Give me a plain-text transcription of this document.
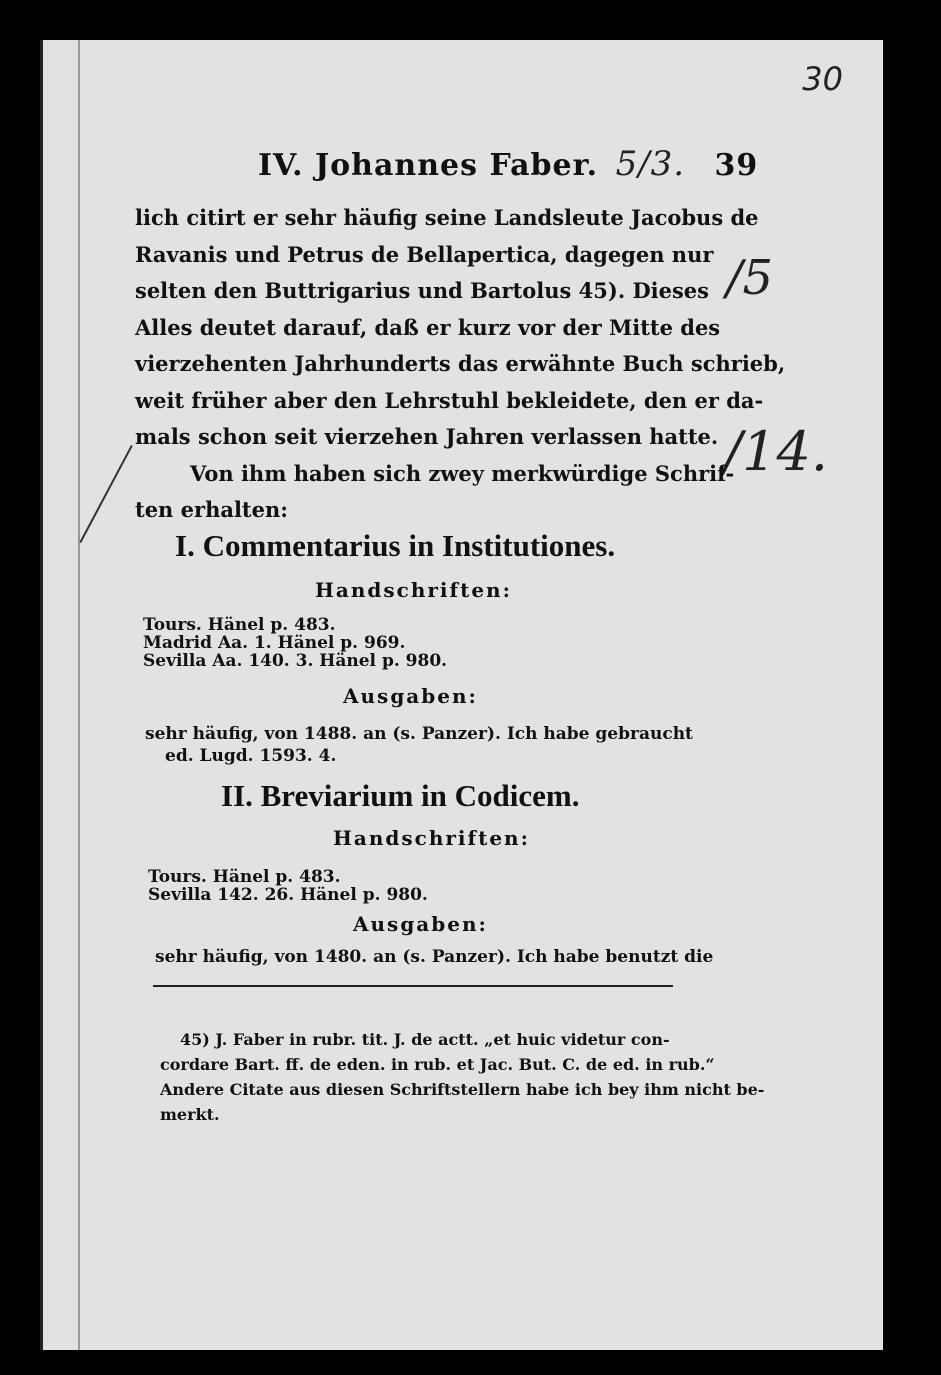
30
IV. Johannes Faber. 5/3. 39
/5
/14.
lich citirt er sehr häufig seine Landsleute Jacobus de
Ravanis und Petrus de Bellapertica, dagegen nur
selten den Buttrigarius und Bartolus 45). Dieses
Alles deutet darauf, daß er kurz vor der Mitte des
vierzehenten Jahrhunderts das erwähnte Buch schrieb,
weit früher aber den Lehrstuhl bekleidete, den er da-
mals schon seit vierzehen Jahren verlassen hatte.
Von ihm haben sich zwey merkwürdige Schrif-
ten erhalten:
I. Commentarius in Institutiones.
Handschriften:
Tours. Hänel p. 483.
Madrid Aa. 1. Hänel p. 969.
Sevilla Aa. 140. 3. Hänel p. 980.
Ausgaben:
sehr häufig, von 1488. an (s. Panzer). Ich habe gebraucht
ed. Lugd. 1593. 4.
II. Breviarium in Codicem.
Handschriften:
Tours. Hänel p. 483.
Sevilla 142. 26. Hänel p. 980.
Ausgaben:
sehr häufig, von 1480. an (s. Panzer). Ich habe benutzt die
45) J. Faber in rubr. tit. J. de actt. „et huic videtur con-
cordare Bart. ff. de eden. in rub. et Jac. But. C. de ed. in rub.“
Andere Citate aus diesen Schriftstellern habe ich bey ihm nicht be-
merkt.
